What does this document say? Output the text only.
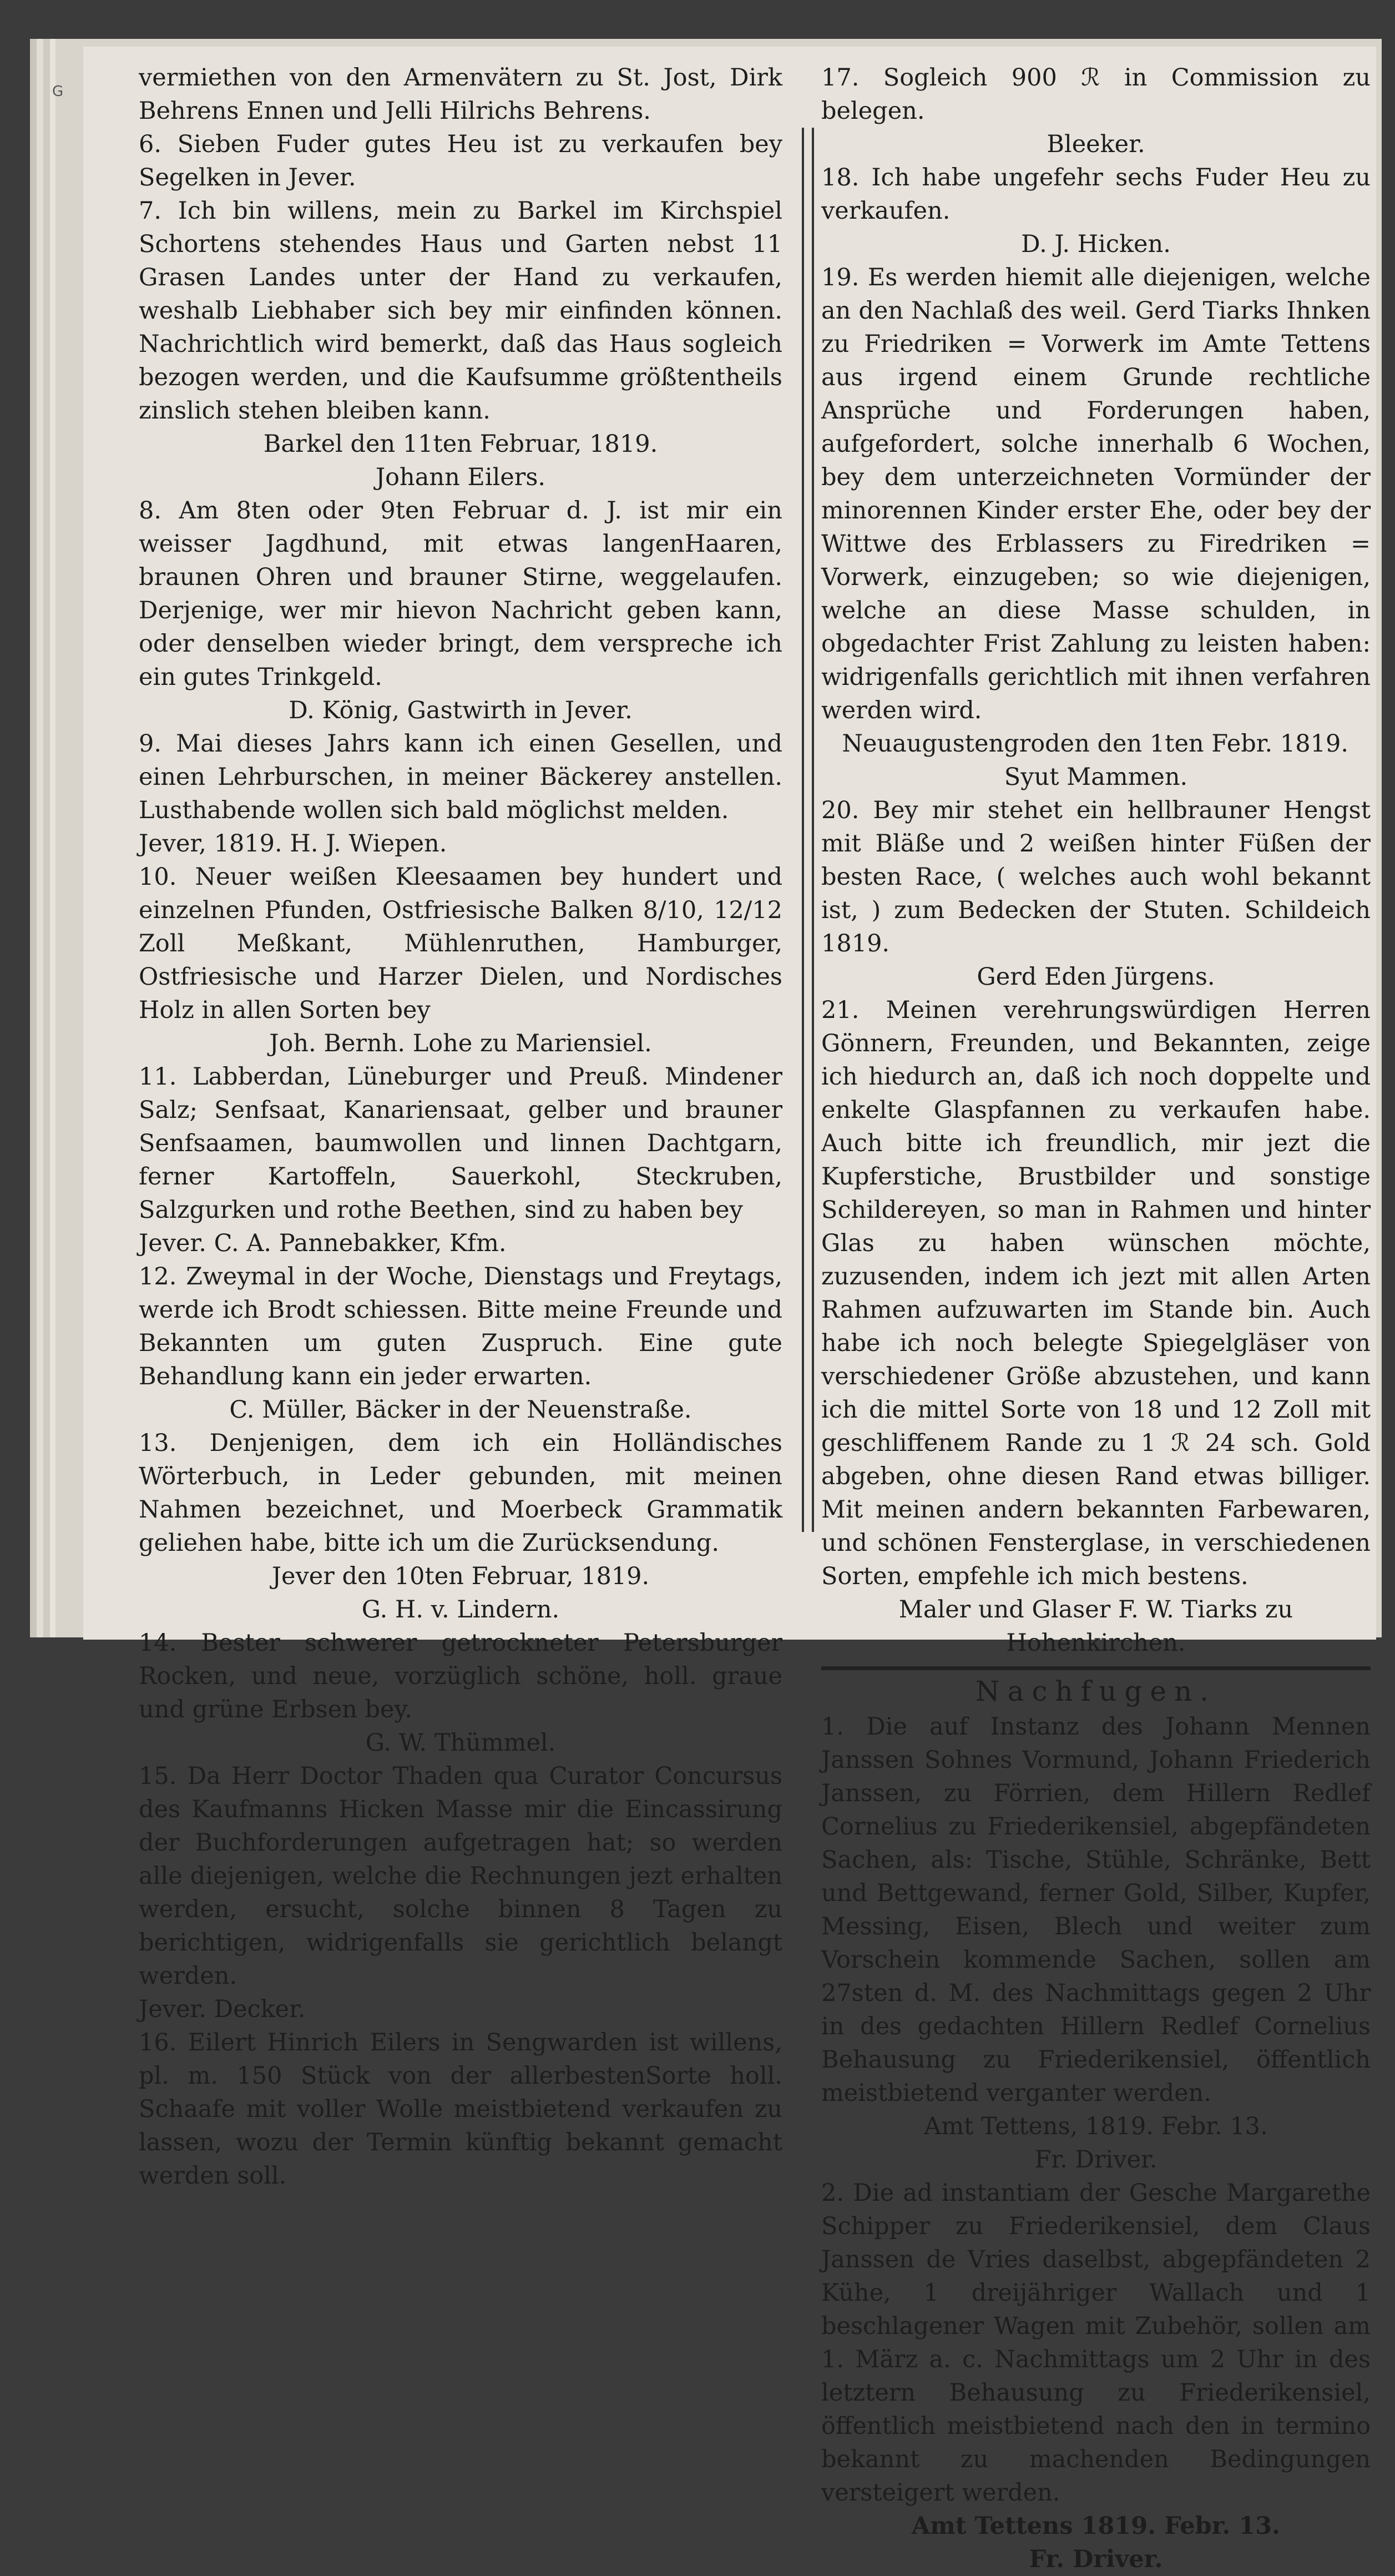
G	vermiethen von den Armenvätern zu St. Jost, Dirk Behrens Ennen und Jelli Hilrichs Behrens.

6. Sieben Fuder gutes Heu ist zu verkaufen bey Segelken in Jever.

7. Ich bin willens, mein zu Barkel im Kirchspiel Schortens stehendes Haus und Garten nebst 11 Grasen Landes unter der Hand zu verkaufen, weshalb Liebhaber sich bey mir einfinden können. Nachrichtlich wird bemerkt, daß das Haus sogleich bezogen werden, und die Kaufsumme größtentheils zinslich stehen bleiben kann.

Barkel den 11ten Februar, 1819.
Johann Eilers.

8. Am 8ten oder 9ten Februar d. J. ist mir ein weisser Jagdhund, mit etwas langenHaaren, braunen Ohren und brauner Stirne, weggelaufen. Derjenige, wer mir hievon Nachricht geben kann, oder denselben wieder bringt, dem verspreche ich ein gutes Trinkgeld.

D. König, Gastwirth in Jever.

9. Mai dieses Jahrs kann ich einen Gesellen, und einen Lehrburschen, in meiner Bäckerey anstellen. Lusthabende wollen sich bald möglichst melden.

Jever, 1819. H. J. Wiepen.

10. Neuer weißen Kleesaamen bey hundert und einzelnen Pfunden, Ostfriesische Balken 8/10, 12/12 Zoll Meßkant, Mühlenruthen, Hamburger, Ostfriesische und Harzer Dielen, und Nordisches Holz in allen Sorten bey

Joh. Bernh. Lohe zu Mariensiel.

11. Labberdan, Lüneburger und Preuß. Mindener Salz; Senfsaat, Kanariensaat, gelber und brauner Senfsaamen, baumwollen und linnen Dachtgarn, ferner Kartoffeln, Sauerkohl, Steckruben, Salzgurken und rothe Beethen, sind zu haben bey

Jever. C. A. Pannebakker, Kfm.

12. Zweymal in der Woche, Dienstags und Freytags, werde ich Brodt schiessen. Bitte meine Freunde und Bekannten um guten Zuspruch. Eine gute Behandlung kann ein jeder erwarten.

C. Müller, Bäcker in der Neuenstraße.

13. Denjenigen, dem ich ein Holländisches Wörterbuch, in Leder gebunden, mit meinen Nahmen bezeichnet, und Moerbeck Grammatik geliehen habe, bitte ich um die Zurücksendung.

Jever den 10ten Februar, 1819.
G. H. v. Lindern.

14. Bester schwerer getrockneter Petersburger Rocken, und neue, vorzüglich schöne, holl. graue und grüne Erbsen bey.

G. W. Thümmel.

15. Da Herr Doctor Thaden qua Curator Concursus des Kaufmanns Hicken Masse mir die Eincassirung der Buchforderungen aufgetragen hat; so werden alle diejenigen, welche die Rechnungen jezt erhalten werden, ersucht, solche binnen 8 Tagen zu berichtigen, widrigenfalls sie gerichtlich belangt werden.

Jever. Decker.

16. Eilert Hinrich Eilers in Sengwarden ist willens, pl. m. 150 Stück von der allerbestenSorte holl. Schaafe mit voller Wolle meistbietend verkaufen zu lassen, wozu der Termin künftig bekannt gemacht werden soll.

17. Sogleich 900 ℛ in Commission zu belegen.

Bleeker.

18. Ich habe ungefehr sechs Fuder Heu zu verkaufen.

D. J. Hicken.

19. Es werden hiemit alle diejenigen, welche an den Nachlaß des weil. Gerd Tiarks Ihnken zu Friedriken = Vorwerk im Amte Tettens aus irgend einem Grunde rechtliche Ansprüche und Forderungen haben, aufgefordert, solche innerhalb 6 Wochen, bey dem unterzeichneten Vormünder der minorennen Kinder erster Ehe, oder bey der Wittwe des Erblassers zu Firedriken = Vorwerk, einzugeben; so wie diejenigen, welche an diese Masse schulden, in obgedachter Frist Zahlung zu leisten haben: widrigenfalls gerichtlich mit ihnen verfahren werden wird.

Neuaugustengroden den 1ten Febr. 1819.
Syut Mammen.

20. Bey mir stehet ein hellbrauner Hengst mit Bläße und 2 weißen hinter Füßen der besten Race, ( welches auch wohl bekannt ist, ) zum Bedecken der Stuten. Schildeich 1819.

Gerd Eden Jürgens.

21. Meinen verehrungswürdigen Herren Gönnern, Freunden, und Bekannten, zeige ich hiedurch an, daß ich noch doppelte und enkelte Glaspfannen zu verkaufen habe. Auch bitte ich freundlich, mir jezt die Kupferstiche, Brustbilder und sonstige Schildereyen, so man in Rahmen und hinter Glas zu haben wünschen möchte, zuzusenden, indem ich jezt mit allen Arten Rahmen aufzuwarten im Stande bin. Auch habe ich noch belegte Spiegelgläser von verschiedener Größe abzustehen, und kann ich die mittel Sorte von 18 und 12 Zoll mit geschliffenem Rande zu 1 ℛ 24 sch. Gold abgeben, ohne diesen Rand etwas billiger. Mit meinen andern bekannten Farbewaren, und schönen Fensterglase, in verschiedenen Sorten, empfehle ich mich bestens.

Maler und Glaser F. W. Tiarks zu Hohenkirchen.
Nachfugen.

1. Die auf Instanz des Johann Mennen Janssen Sohnes Vormund, Johann Friederich Janssen, zu Förrien, dem Hillern Redlef Cornelius zu Friederikensiel, abgepfändeten Sachen, als: Tische, Stühle, Schränke, Bett und Bettgewand, ferner Gold, Silber, Kupfer, Messing, Eisen, Blech und weiter zum Vorschein kommende Sachen, sollen am 27sten d. M. des Nachmittags gegen 2 Uhr in des gedachten Hillern Redlef Cornelius Behausung zu Friederikensiel, öffentlich meistbietend verganter werden.

Amt Tettens, 1819. Febr. 13.
Fr. Driver.

2. Die ad instantiam der Gesche Margarethe Schipper zu Friederikensiel, dem Claus Janssen de Vries daselbst, abgepfändeten 2 Kühe, 1 dreijähriger Wallach und 1 beschlagener Wagen mit Zubehör, sollen am 1. März a. c. Nachmittags um 2 Uhr in des letztern Behausung zu Friederikensiel, öffentlich meistbietend nach den in termino bekannt zu machenden Bedingungen versteigert werden.

Amt Tettens 1819. Febr. 13.
Fr. Driver.
